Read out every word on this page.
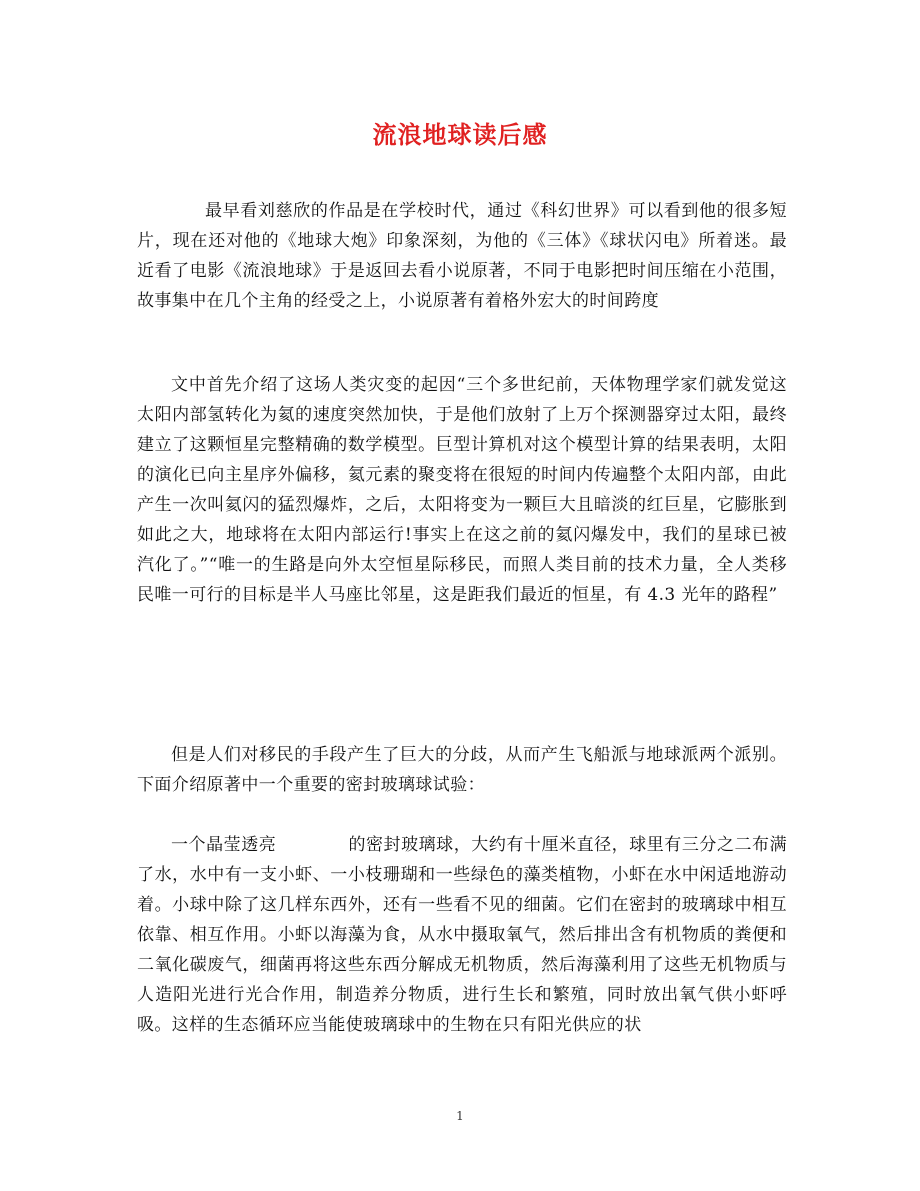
流浪地球读后感

最早看刘慈欣的作品是在学校时代，通过《科幻世界》可以看到他的很多短片，现在还对他的《地球大炮》印象深刻，为他的《三体》《球状闪电》所着迷。最近看了电影《流浪地球》于是返回去看小说原著，不同于电影把时间压缩在小范围，故事集中在几个主角的经受之上，小说原著有着格外宏大的时间跨度

文中首先介绍了这场人类灾变的起因“三个多世纪前，天体物理学家们就发觉这太阳内部氢转化为氦的速度突然加快，于是他们放射了上万个探测器穿过太阳，最终建立了这颗恒星完整精确的数学模型。巨型计算机对这个模型计算的结果表明，太阳的演化已向主星序外偏移，氦元素的聚变将在很短的时间内传遍整个太阳内部，由此产生一次叫氦闪的猛烈爆炸，之后，太阳将变为一颗巨大且暗淡的红巨星，它膨胀到如此之大，地球将在太阳内部运行!事实上在这之前的氦闪爆发中，我们的星球已被汽化了。”“唯一的生路是向外太空恒星际移民，而照人类目前的技术力量，全人类移民唯一可行的目标是半人马座比邻星，这是距我们最近的恒星，有 4.3 光年的路程”

但是人们对移民的手段产生了巨大的分歧，从而产生飞船派与地球派两个派别。下面介绍原著中一个重要的密封玻璃球试验：

一个晶莹透亮	的密封玻璃球，大约有十厘米直径，球里有三分之二布满了水，水中有一支小虾、一小枝珊瑚和一些绿色的藻类植物，小虾在水中闲适地游动着。小球中除了这几样东西外，还有一些看不见的细菌。它们在密封的玻璃球中相互依靠、相互作用。小虾以海藻为食，从水中摄取氧气，然后排出含有机物质的粪便和二氧化碳废气，细菌再将这些东西分解成无机物质，然后海藻利用了这些无机物质与人造阳光进行光合作用，制造养分物质，进行生长和繁殖，同时放出氧气供小虾呼吸。这样的生态循环应当能使玻璃球中的生物在只有阳光供应的状

1
